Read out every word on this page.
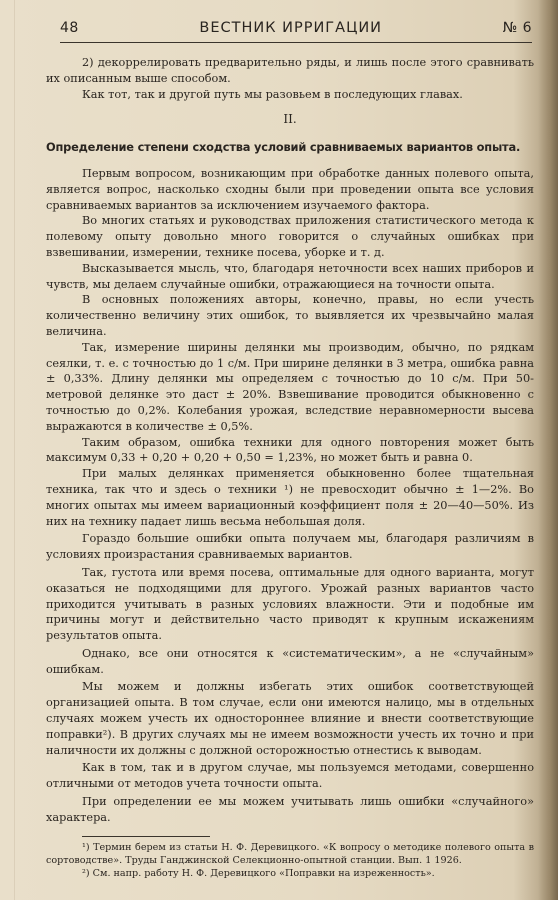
48	ВЕСТНИК ИРРИГАЦИИ	№ 6

2) декоррелировать предварительно ряды, и лишь после этого сравнивать их описанным выше способом.

Как тот, так и другой путь мы разовьем в последующих главах.

II.
Определение степени сходства условий сравниваемых вариантов опыта.

Первым вопросом, возникающим при обработке данных полевого опыта, является вопрос, насколько сходны были при проведении опыта все условия сравниваемых вариантов за исключением изучаемого фактора.

Во многих статьях и руководствах приложения статистического метода к полевому опыту довольно много говорится о случайных ошибках при взвешивании, измерении, технике посева, уборке и т. д.

Высказывается мысль, что, благодаря неточности всех наших приборов и чувств, мы делаем случайные ошибки, отражающиеся на точности опыта.

В основных положениях авторы, конечно, правы, но если учесть количественно величину этих ошибок, то выявляется их чрезвычайно малая величина.

Так, измерение ширины делянки мы производим, обычно, по рядкам сеялки, т. е. с точностью до 1 с/м. При ширине делянки в 3 метра, ошибка равна ± 0,33%. Длину делянки мы определяем с точностью до 10 с/м. При 50-метровой делянке это даст ± 20%. Взвешивание проводится обыкновенно с точностью до 0,2%. Колебания урожая, вследствие неравномерности высева выражаются в количестве ± 0,5%.

Таким образом, ошибка техники для одного повторения может быть максимум 0,33 + 0,20 + 0,20 + 0,50 = 1,23%, но может быть и равна 0.

При малых делянках применяется обыкновенно более тщательная техника, так что и здесь о техники ¹) не превосходит обычно ± 1—2%. Во многих опытах мы имеем вариационный коэффициент поля ± 20—40—50%. Из них на технику падает лишь весьма небольшая доля.

Гораздо большие ошибки опыта получаем мы, благодаря различиям в условиях произрастания сравниваемых вариантов.

Так, густота или время посева, оптимальные для одного варианта, могут оказаться не подходящими для другого. Урожай разных вариантов часто приходится учитывать в разных условиях влажности. Эти и подобные им причины могут и действительно часто приводят к крупным искажениям результатов опыта.

Однако, все они относятся к «систематическим», а не «случайным» ошибкам.

Мы можем и должны избегать этих ошибок соответствующей организацией опыта. В том случае, если они имеются налицо, мы в отдельных случаях можем учесть их одностороннее влияние и внести соответствующие поправки²). В других случаях мы не имеем возможности учесть их точно и при наличности их должны с должной осторожностью отнестись к выводам.

Как в том, так и в другом случае, мы пользуемся методами, совершенно отличными от методов учета точности опыта.

При определении ее мы можем учитывать лишь ошибки «случайного» характера.

¹) Термин берем из статьи Н. Ф. Деревицкого. «К вопросу о методике полевого опыта в сортоводстве». Труды Ганджинской Селекционно-опытной станции. Вып. 1 1926.

²) См. напр. работу Н. Ф. Деревицкого «Поправки на изреженность».
